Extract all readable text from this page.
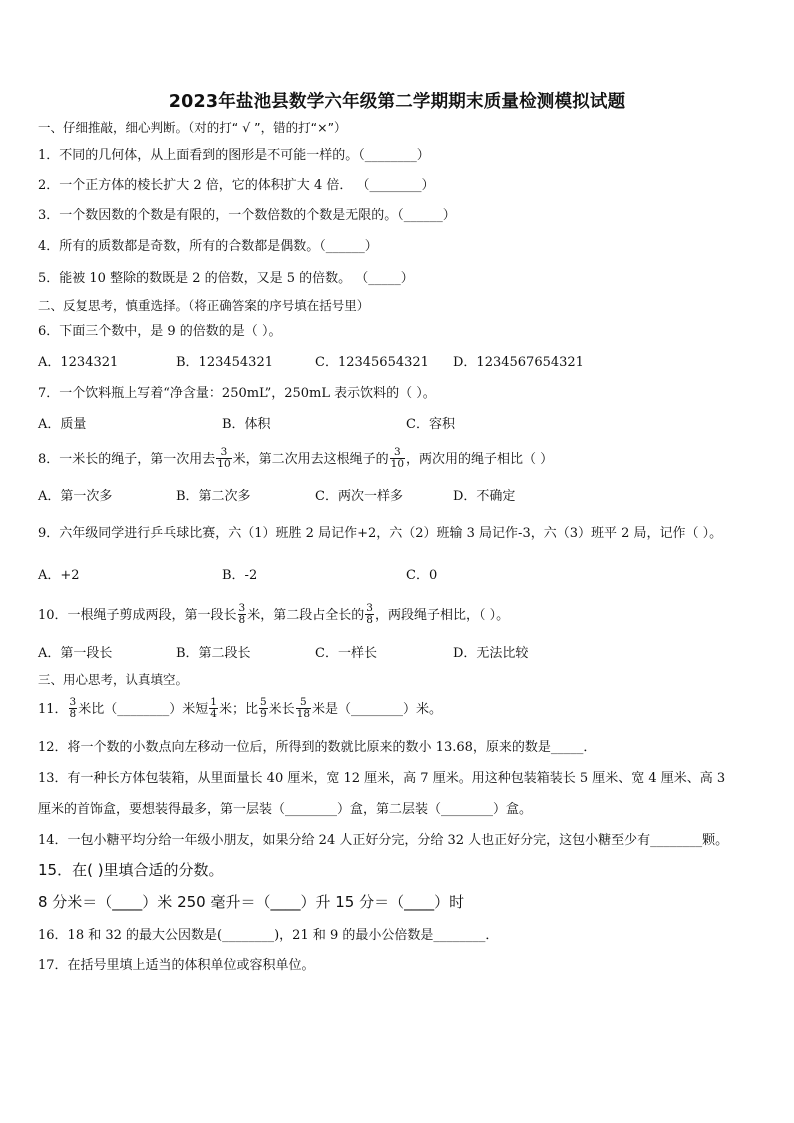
2023年盐池县数学六年级第二学期期末质量检测模拟试题
一、仔细推敲，细心判断。（对的打“ √ ”，错的打“×”）
1．不同的几何体，从上面看到的图形是不可能一样的。（________）
2．一个正方体的棱长扩大 2 倍，它的体积扩大 4 倍． （________）
3．一个数因数的个数是有限的，一个数倍数的个数是无限的。（______）
4．所有的质数都是奇数，所有的合数都是偶数。（______）
5．能被 10 整除的数既是 2 的倍数，又是 5 的倍数。 （_____）
二、反复思考，慎重选择。（将正确答案的序号填在括号里）
6．下面三个数中，是 9 的倍数的是（ ）。
A．1234321	B．123454321	C．12345654321 D．1234567654321
7．一个饮料瓶上写着“净含量：250mL”，250mL 表示饮料的（ ）。
A．质量	B．体积	C．容积
8．一米长的绳子，第一次用去 $\frac{3}{10}$ 米，第二次用去这根绳子的 $\frac{3}{10}$ ，两次用的绳子相比（ ）
A．第一次多	B．第二次多	C．两次一样多	D．不确定
9．六年级同学进行乒乓球比赛，六（1）班胜 2 局记作+2，六（2）班输 3 局记作-3，六（3）班平 2 局，记作（ ）。
A．+2	B．-2	C．0
10．一根绳子剪成两段，第一段长 $\frac{3}{8}$ 米，第二段占全长的 $\frac{3}{8}$ ，两段绳子相比，（ ）。
A．第一段长	B．第二段长	C．一样长	D．无法比较
三、用心思考，认真填空。
11． $\frac{3}{8}$ 米比（________）米短 $\frac{1}{4}$ 米；比 $\frac{5}{9}$ 米长 $\frac{5}{18}$ 米是（________）米。
12．将一个数的小数点向左移动一位后，所得到的数就比原来的数小 13.68，原来的数是_____．
13．有一种长方体包装箱，从里面量长 40 厘米，宽 12 厘米，高 7 厘米。用这种包装箱装长 5 厘米、宽 4 厘米、高 3
厘米的首饰盒，要想装得最多，第一层装（________）盒，第二层装（________）盒。
14．一包小糖平均分给一年级小朋友，如果分给 24 人正好分完，分给 32 人也正好分完，这包小糖至少有________颗。
15．在( )里填合适的分数。
8 分米＝（____）米 250 毫升＝（____）升 15 分＝（____）时
16．18 和 32 的最大公因数是(________)，21 和 9 的最小公倍数是________．
17．在括号里填上适当的体积单位或容积单位。
